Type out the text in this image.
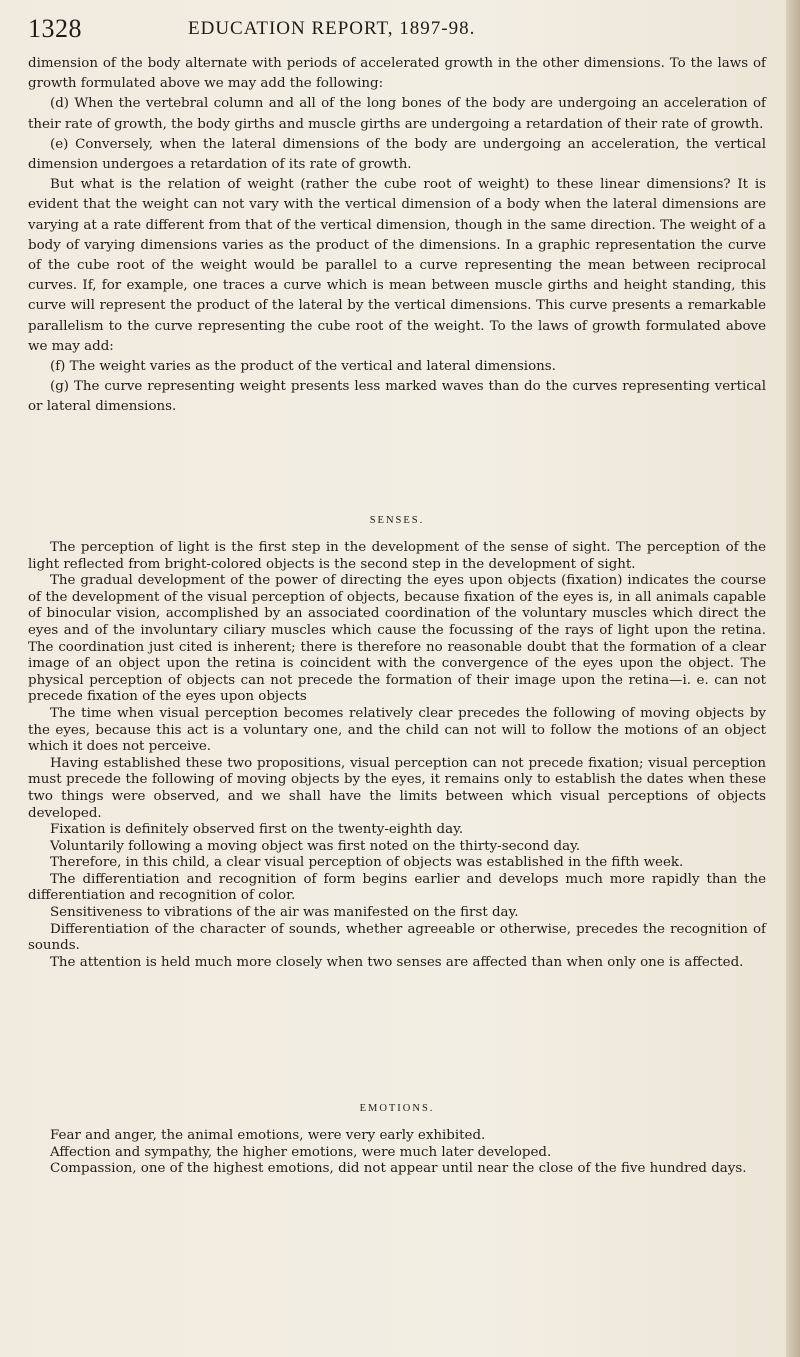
1328	EDUCATION REPORT, 1897-98.

dimension of the body alternate with periods of accelerated growth in the other dimensions. To the laws of growth formulated above we may add the following:

(d) When the vertebral column and all of the long bones of the body are undergoing an acceleration of their rate of growth, the body girths and muscle girths are undergoing a retardation of their rate of growth.

(e) Conversely, when the lateral dimensions of the body are undergoing an acceleration, the vertical dimension undergoes a retardation of its rate of growth.

But what is the relation of weight (rather the cube root of weight) to these linear dimensions? It is evident that the weight can not vary with the vertical dimension of a body when the lateral dimensions are varying at a rate different from that of the vertical dimension, though in the same direction. The weight of a body of varying dimensions varies as the product of the dimensions. In a graphic representation the curve of the cube root of the weight would be parallel to a curve representing the mean between reciprocal curves. If, for example, one traces a curve which is mean between muscle girths and height standing, this curve will represent the product of the lateral by the vertical dimensions. This curve presents a remarkable parallelism to the curve representing the cube root of the weight. To the laws of growth formulated above we may add:

(f) The weight varies as the product of the vertical and lateral dimensions.

(g) The curve representing weight presents less marked waves than do the curves representing vertical or lateral dimensions.

SENSES.

The perception of light is the first step in the development of the sense of sight. The perception of the light reflected from bright-colored objects is the second step in the development of sight.

The gradual development of the power of directing the eyes upon objects (fixation) indicates the course of the development of the visual perception of objects, because fixation of the eyes is, in all animals capable of binocular vision, accomplished by an associated coordination of the voluntary muscles which direct the eyes and of the involuntary ciliary muscles which cause the focussing of the rays of light upon the retina. The coordination just cited is inherent; there is therefore no reasonable doubt that the formation of a clear image of an object upon the retina is coincident with the convergence of the eyes upon the object. The physical perception of objects can not precede the formation of their image upon the retina—i. e. can not precede fixation of the eyes upon objects

The time when visual perception becomes relatively clear precedes the following of moving objects by the eyes, because this act is a voluntary one, and the child can not will to follow the motions of an object which it does not perceive.

Having established these two propositions, visual perception can not precede fixation; visual perception must precede the following of moving objects by the eyes, it remains only to establish the dates when these two things were observed, and we shall have the limits between which visual perceptions of objects developed.

Fixation is definitely observed first on the twenty-eighth day.

Voluntarily following a moving object was first noted on the thirty-second day.

Therefore, in this child, a clear visual perception of objects was established in the fifth week.

The differentiation and recognition of form begins earlier and develops much more rapidly than the differentiation and recognition of color.

Sensitiveness to vibrations of the air was manifested on the first day.

Differentiation of the character of sounds, whether agreeable or otherwise, precedes the recognition of sounds.

The attention is held much more closely when two senses are affected than when only one is affected.

EMOTIONS.

Fear and anger, the animal emotions, were very early exhibited.

Affection and sympathy, the higher emotions, were much later developed.

Compassion, one of the highest emotions, did not appear until near the close of the five hundred days.
